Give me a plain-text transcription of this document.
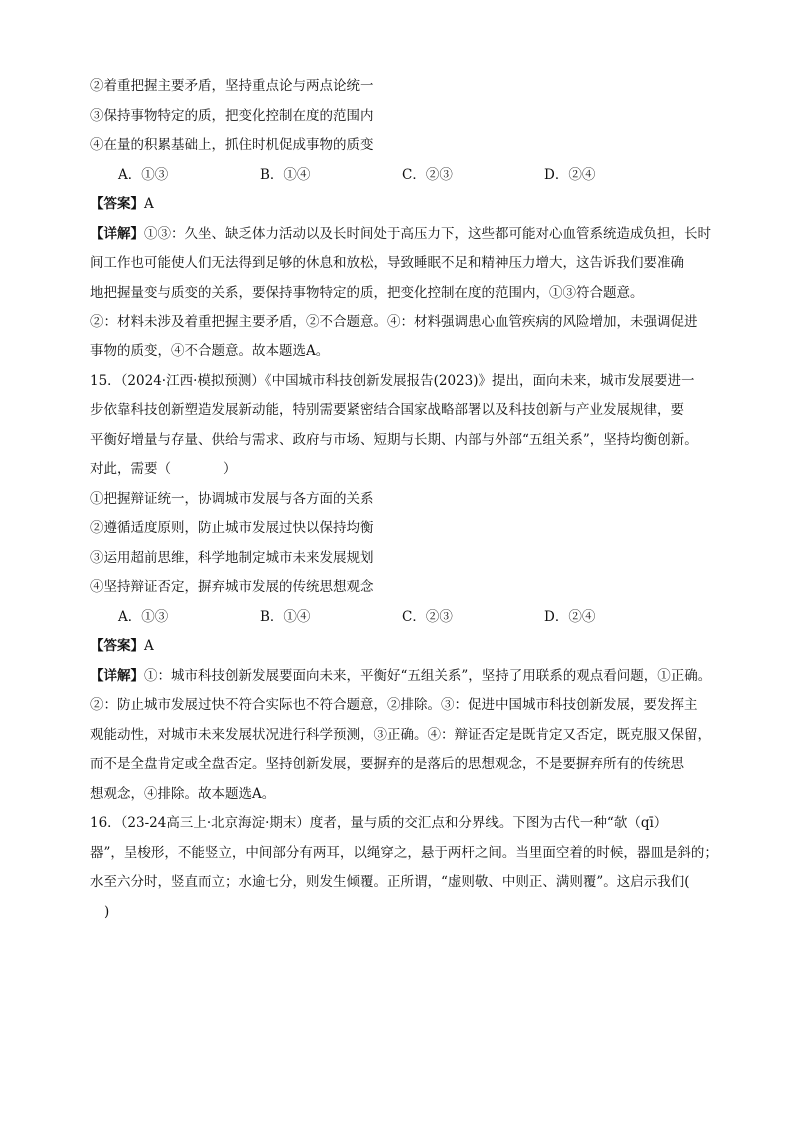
②着重把握主要矛盾，坚持重点论与两点论统一
③保持事物特定的质，把变化控制在度的范围内
④在量的积累基础上，抓住时机促成事物的质变
A．①③	B．①④	C．②③	D．②④
【答案】A
【详解】①③：久坐、缺乏体力活动以及长时间处于高压力下，这些都可能对心血管系统造成负担，长时
间工作也可能使人们无法得到足够的休息和放松，导致睡眠不足和精神压力增大，这告诉我们要准确
地把握量变与质变的关系，要保持事物特定的质，把变化控制在度的范围内，①③符合题意。
②：材料未涉及着重把握主要矛盾，②不合题意。④：材料强调患心血管疾病的风险增加，未强调促进
事物的质变，④不合题意。故本题选A。
15．（2024·江西·模拟预测）《中国城市科技创新发展报告(2023)》提出，面向未来，城市发展要进一
步依靠科技创新塑造发展新动能，特别需要紧密结合国家战略部署以及科技创新与产业发展规律，要
平衡好增量与存量、供给与需求、政府与市场、短期与长期、内部与外部“五组关系”，坚持均衡创新。
对此，需要（	）
①把握辩证统一，协调城市发展与各方面的关系
②遵循适度原则，防止城市发展过快以保持均衡
③运用超前思维，科学地制定城市未来发展规划
④坚持辩证否定，摒弃城市发展的传统思想观念
A．①③	B．①④	C．②③	D．②④
【答案】A
【详解】①：城市科技创新发展要面向未来，平衡好“五组关系”，坚持了用联系的观点看问题，①正确。
②：防止城市发展过快不符合实际也不符合题意，②排除。③：促进中国城市科技创新发展，要发挥主
观能动性，对城市未来发展状况进行科学预测，③正确。④：辩证否定是既肯定又否定，既克服又保留，
而不是全盘肯定或全盘否定。坚持创新发展，要摒弃的是落后的思想观念，不是要摒弃所有的传统思
想观念，④排除。故本题选A。
16．（23-24高三上·北京海淀·期末）度者，量与质的交汇点和分界线。下图为古代一种“欹（qī）
器”，呈梭形，不能竖立，中间部分有两耳，以绳穿之，悬于两杆之间。当里面空着的时候，器皿是斜的；
水至六分时，竖直而立；水逾七分，则发生倾覆。正所谓，“虚则敬、中则正、满则覆”。这启示我们(
)
